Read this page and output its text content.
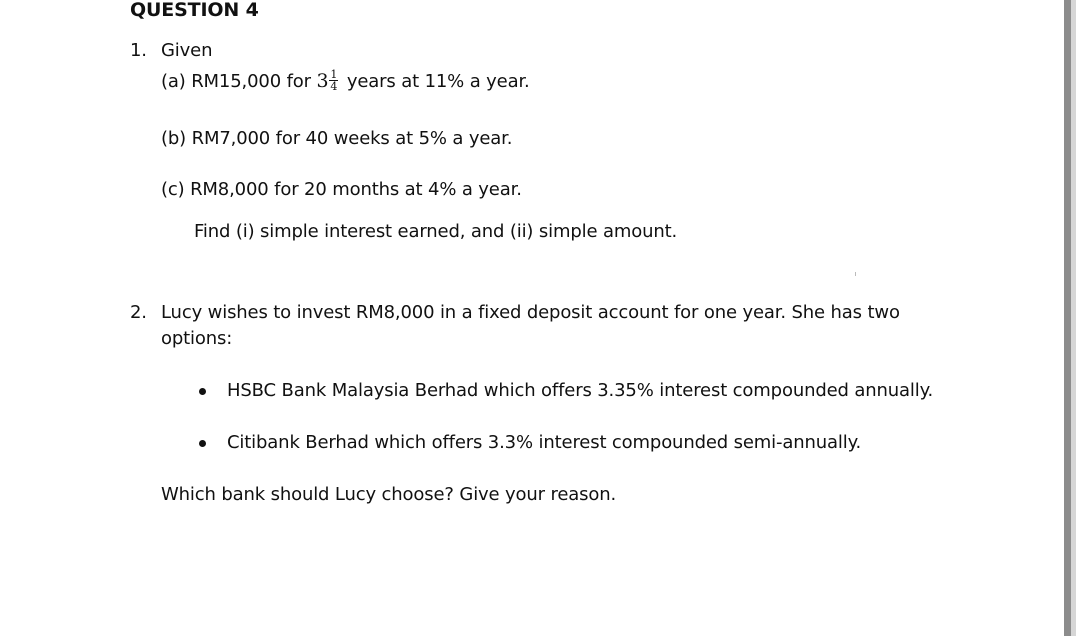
QUESTION 4
1. Given
(a) RM15,000 for $3 \frac{1}{4}$ years at 11% a year.
(b) RM7,000 for 40 weeks at 5% a year.
(c) RM8,000 for 20 months at 4% a year.
Find (i) simple interest earned, and (ii) simple amount.
2. Lucy wishes to invest RM8,000 in a fixed deposit account for one year. She has two
options:
HSBC Bank Malaysia Berhad which offers 3.35% interest compounded annually.
Citibank Berhad which offers 3.3% interest compounded semi-annually.
Which bank should Lucy choose? Give your reason.
